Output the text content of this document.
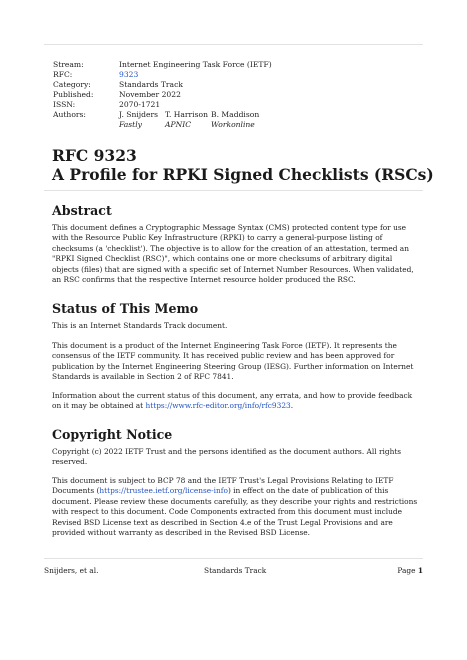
Stream:	Internet Engineering Task Force (IETF)
RFC:	9323
Category:	Standards Track
Published:	November 2022
ISSN:	2070-1721
Authors:	J. Snijders
Fastly
T. Harrison
APNIC
B. Maddison
Workonline
RFC 9323
A Profile for RPKI Signed Checklists (RSCs)
Abstract

This document defines a Cryptographic Message Syntax (CMS) protected content type for use with the Resource Public Key Infrastructure (RPKI) to carry a general-purpose listing of checksums (a 'checklist'). The objective is to allow for the creation of an attestation, termed an "RPKI Signed Checklist (RSC)", which contains one or more checksums of arbitrary digital objects (files) that are signed with a specific set of Internet Number Resources. When validated, an RSC confirms that the respective Internet resource holder produced the RSC.

Status of This Memo

This is an Internet Standards Track document.

This document is a product of the Internet Engineering Task Force (IETF). It represents the consensus of the IETF community. It has received public review and has been approved for publication by the Internet Engineering Steering Group (IESG). Further information on Internet Standards is available in Section 2 of RFC 7841.

Information about the current status of this document, any errata, and how to provide feedback on it may be obtained at https://www.rfc-editor.org/info/rfc9323.

Copyright Notice

Copyright (c) 2022 IETF Trust and the persons identified as the document authors. All rights reserved.

This document is subject to BCP 78 and the IETF Trust's Legal Provisions Relating to IETF Documents (https://trustee.ietf.org/license-info) in effect on the date of publication of this document. Please review these documents carefully, as they describe your rights and restrictions with respect to this document. Code Components extracted from this document must include Revised BSD License text as described in Section 4.e of the Trust Legal Provisions and are provided without warranty as described in the Revised BSD License.

Snijders, et al.	Standards Track	Page 1
